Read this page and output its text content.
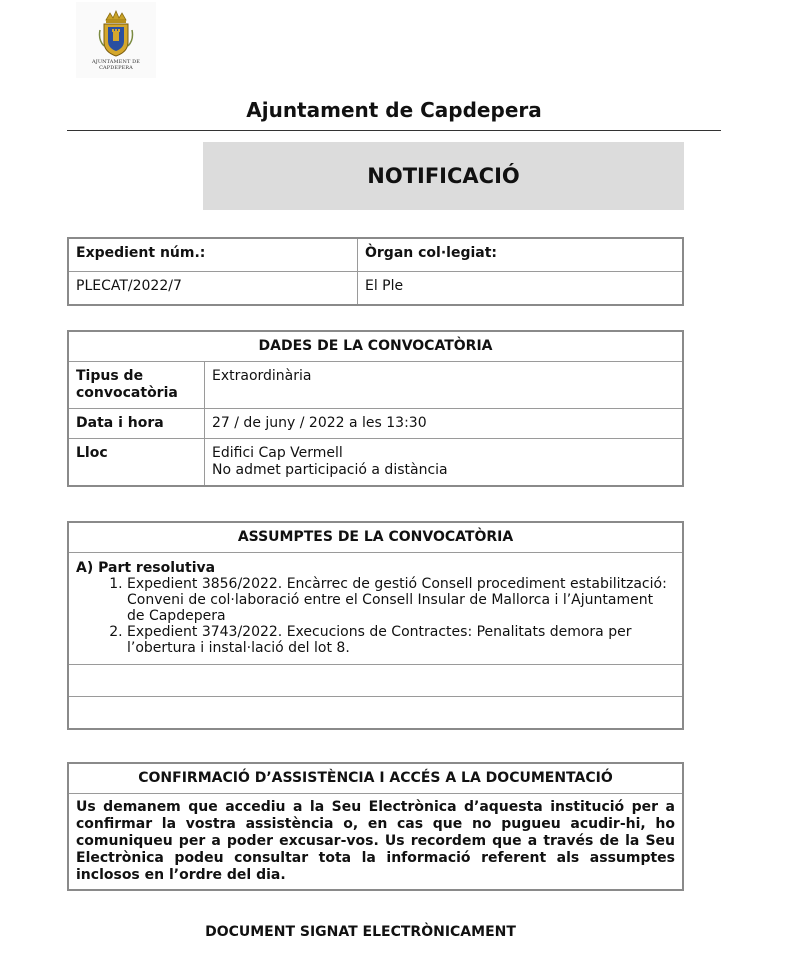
AJUNTAMENT DE CAPDEPERA
Ajuntament de Capdepera
NOTIFICACIÓ
Expedient núm.:	Òrgan col·legiat:
PLECAT/2022/7	El Ple
DADES DE LA CONVOCATÒRIA	
Tipus de convocatòria	Extraordinària
Data i hora	27 / de juny / 2022 a les 13:30
Lloc	Edifici Cap Vermell
No admet participació a distància
ASSUMPTES DE LA CONVOCATÒRIA

A) Part resolutiva
1. Expedient 3856/2022. Encàrrec de gestió Consell procediment estabilització: Conveni de col·laboració entre el Consell Insular de Mallorca i l’Ajuntament de Capdepera
2. Expedient 3743/2022. Execucions de Contractes: Penalitats demora per l’obertura i instal·lació del lot 8.

CONFIRMACIÓ D’ASSISTÈNCIA I ACCÉS A LA DOCUMENTACIÓ
Us demanem que accediu a la Seu Electrònica d’aquesta institució per a confirmar la vostra assistència o, en cas que no pugueu acudir-hi, ho comuniqueu per a poder excusar-vos. Us recordem que a través de la Seu Electrònica podeu consultar tota la informació referent als assumptes inclosos en l’ordre del dia.
DOCUMENT SIGNAT ELECTRÒNICAMENT
